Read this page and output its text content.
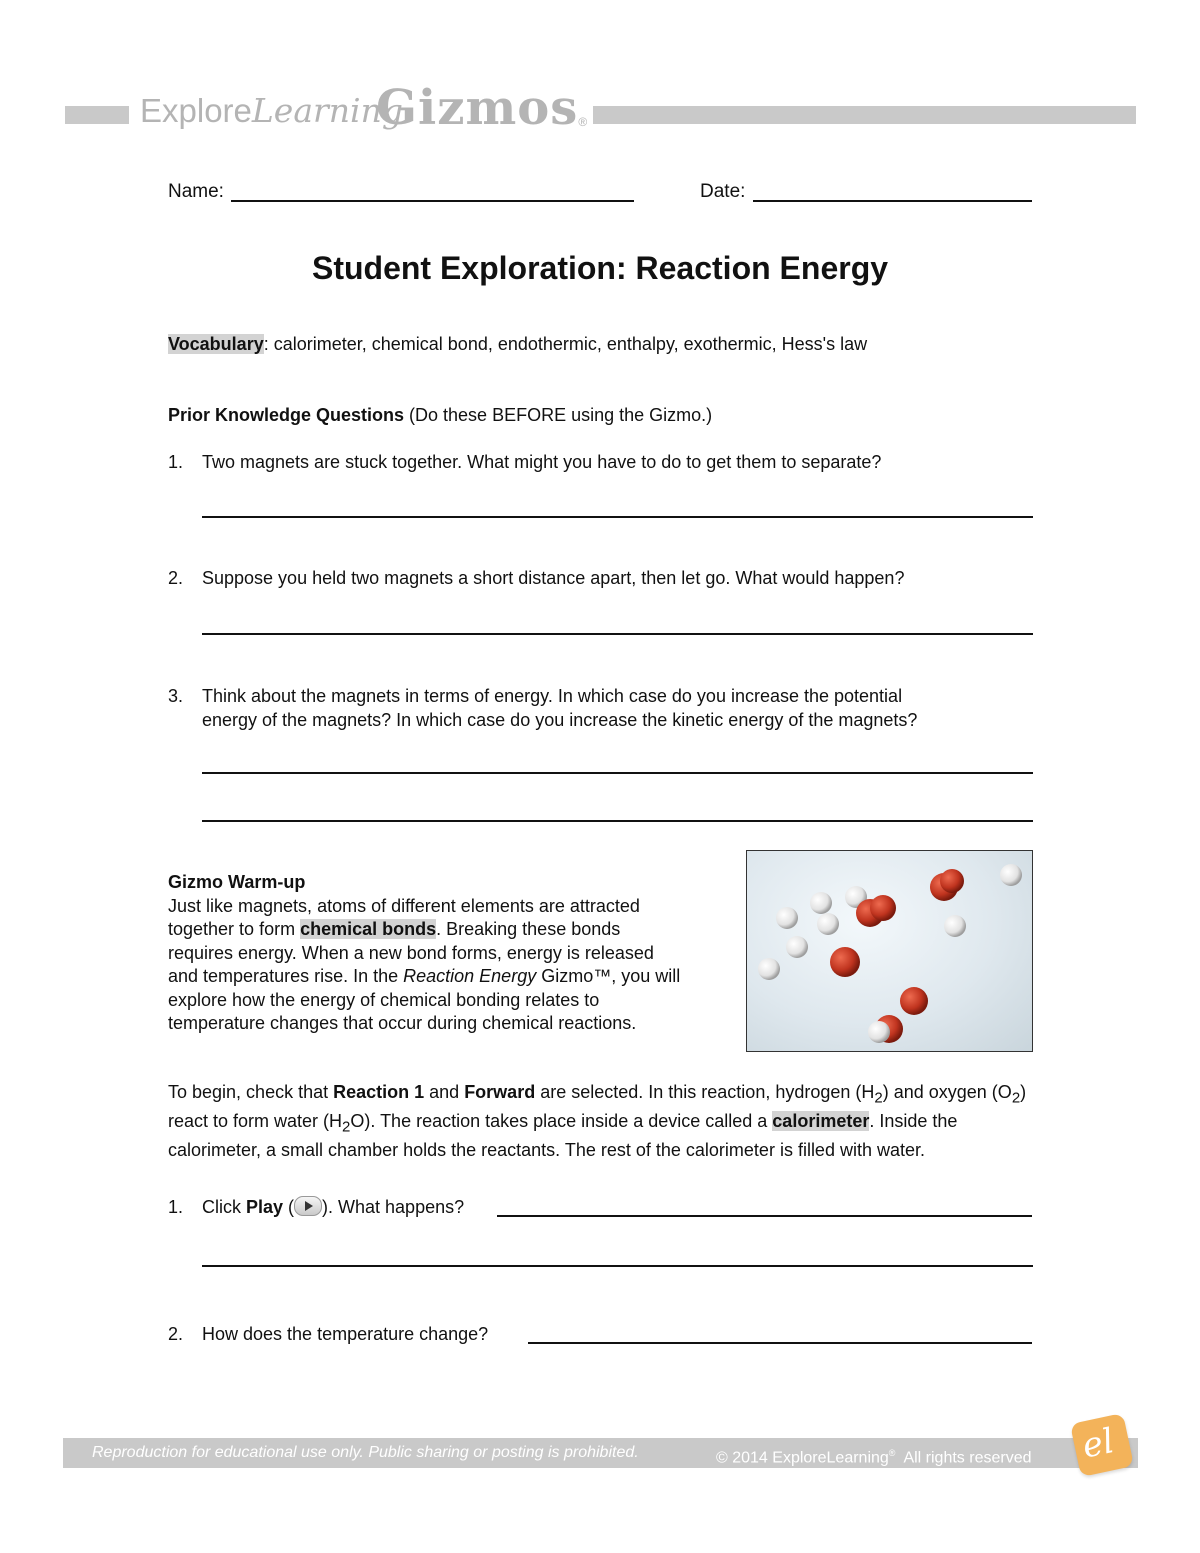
ExploreLearning
Gizmos®
Name:	Date:
Student Exploration: Reaction Energy
Vocabulary: calorimeter, chemical bond, endothermic, enthalpy, exothermic, Hess's law
Prior Knowledge Questions (Do these BEFORE using the Gizmo.)
1. Two magnets are stuck together. What might you have to do to get them to separate?
2. Suppose you held two magnets a short distance apart, then let go. What would happen?
3. Think about the magnets in terms of energy. In which case do you increase the potential
energy of the magnets? In which case do you increase the kinetic energy of the magnets?
Gizmo Warm-up
Just like magnets, atoms of different elements are attracted together to form chemical bonds. Breaking these bonds requires energy. When a new bond forms, energy is released and temperatures rise. In the Reaction Energy Gizmo™, you will explore how the energy of chemical bonding relates to temperature changes that occur during chemical reactions.
To begin, check that Reaction 1 and Forward are selected. In this reaction, hydrogen $(H_2)$ and oxygen $(O_2)$ react to form water $(H_2O)$. The reaction takes place inside a device called a calorimeter. Inside the calorimeter, a small chamber holds the reactants. The rest of the calorimeter is filled with water.
1. Click Play ( ). What happens?
2. How does the temperature change?
Reproduction for educational use only. Public sharing or posting is prohibited.	© 2014 ExploreLearning®  All rights reserved el
